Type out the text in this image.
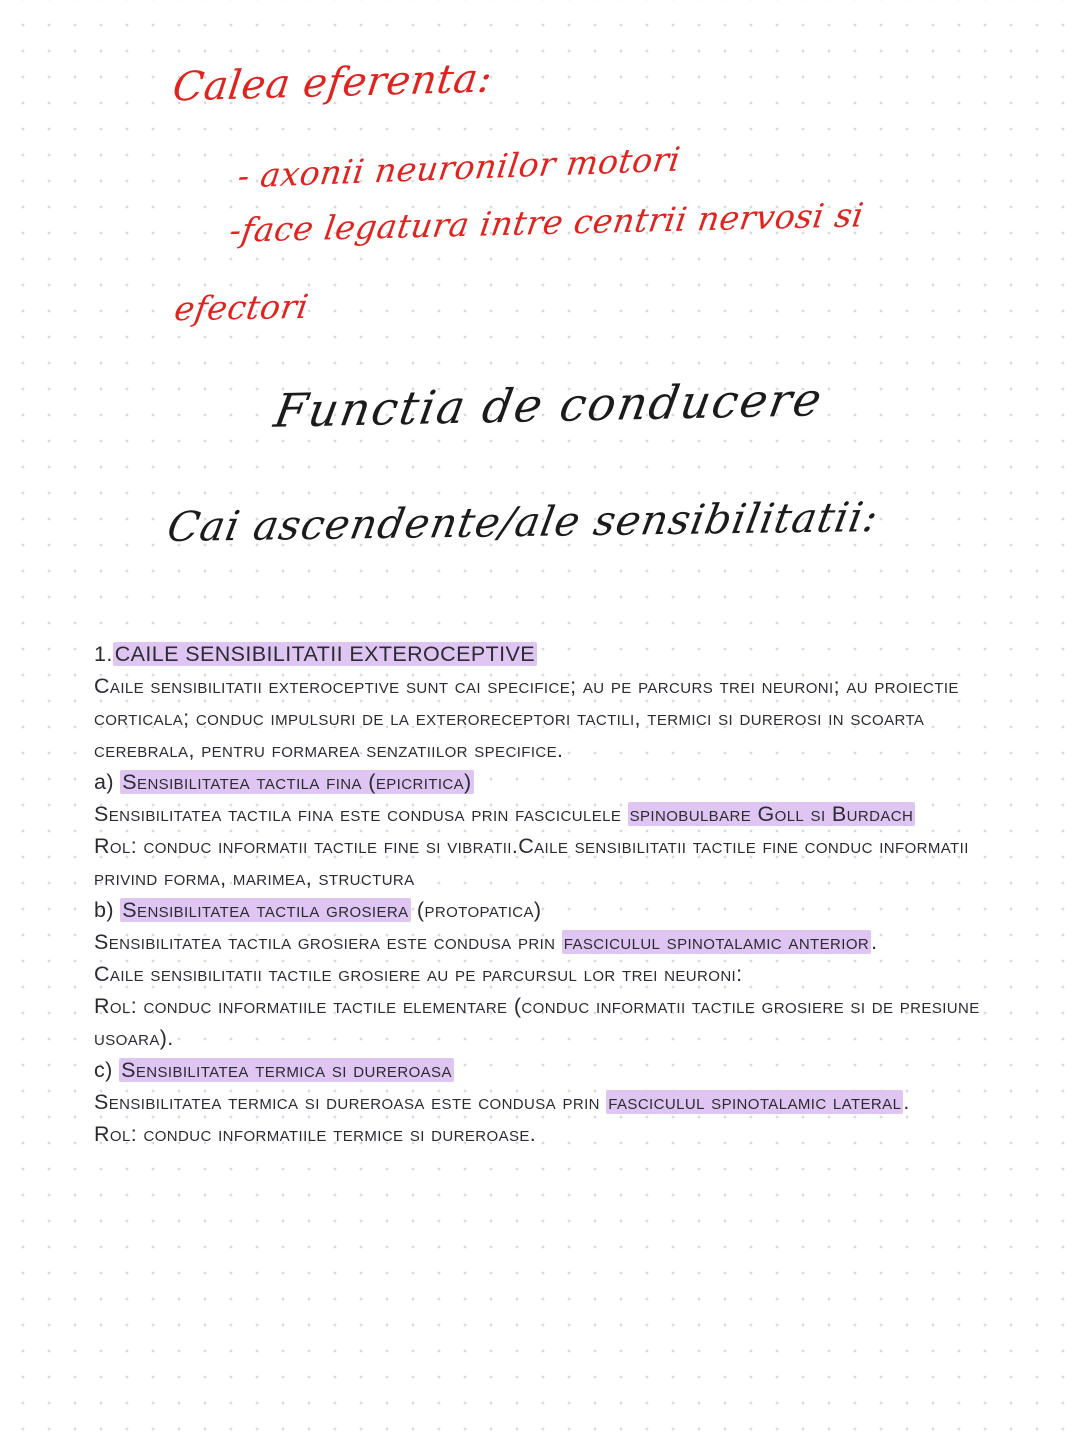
Calea eferenta:
- axonii neuronilor motori
-face legatura intre centrii nervosi si
efectori
Functia de conducere
Cai ascendente/ale sensibilitatii:

1.CAILE SENSIBILITATII EXTEROCEPTIVE

Caile sensibilitatii exteroceptive sunt cai specifice; au pe parcurs trei neuroni; au proiectie corticala; conduc impulsuri de la exteroreceptori tactili, termici si durerosi in scoarta cerebrala, pentru formarea senzatiilor specifice.

a) Sensibilitatea tactila fina (epicritica)

Sensibilitatea tactila fina este condusa prin fasciculele spinobulbare Goll si Burdach

Rol: conduc informatii tactile fine si vibratii.Caile sensibilitatii tactile fine conduc informatii privind forma, marimea, structura

b) Sensibilitatea tactila grosiera (protopatica)

Sensibilitatea tactila grosiera este condusa prin fasciculul spinotalamic anterior.

Caile sensibilitatii tactile grosiere au pe parcursul lor trei neuroni:

Rol: conduc informatiile tactile elementare (conduc informatii tactile grosiere si de presiune usoara).

c) Sensibilitatea termica si dureroasa

Sensibilitatea termica si dureroasa este condusa prin fasciculul spinotalamic lateral.

Rol: conduc informatiile termice si dureroase.
